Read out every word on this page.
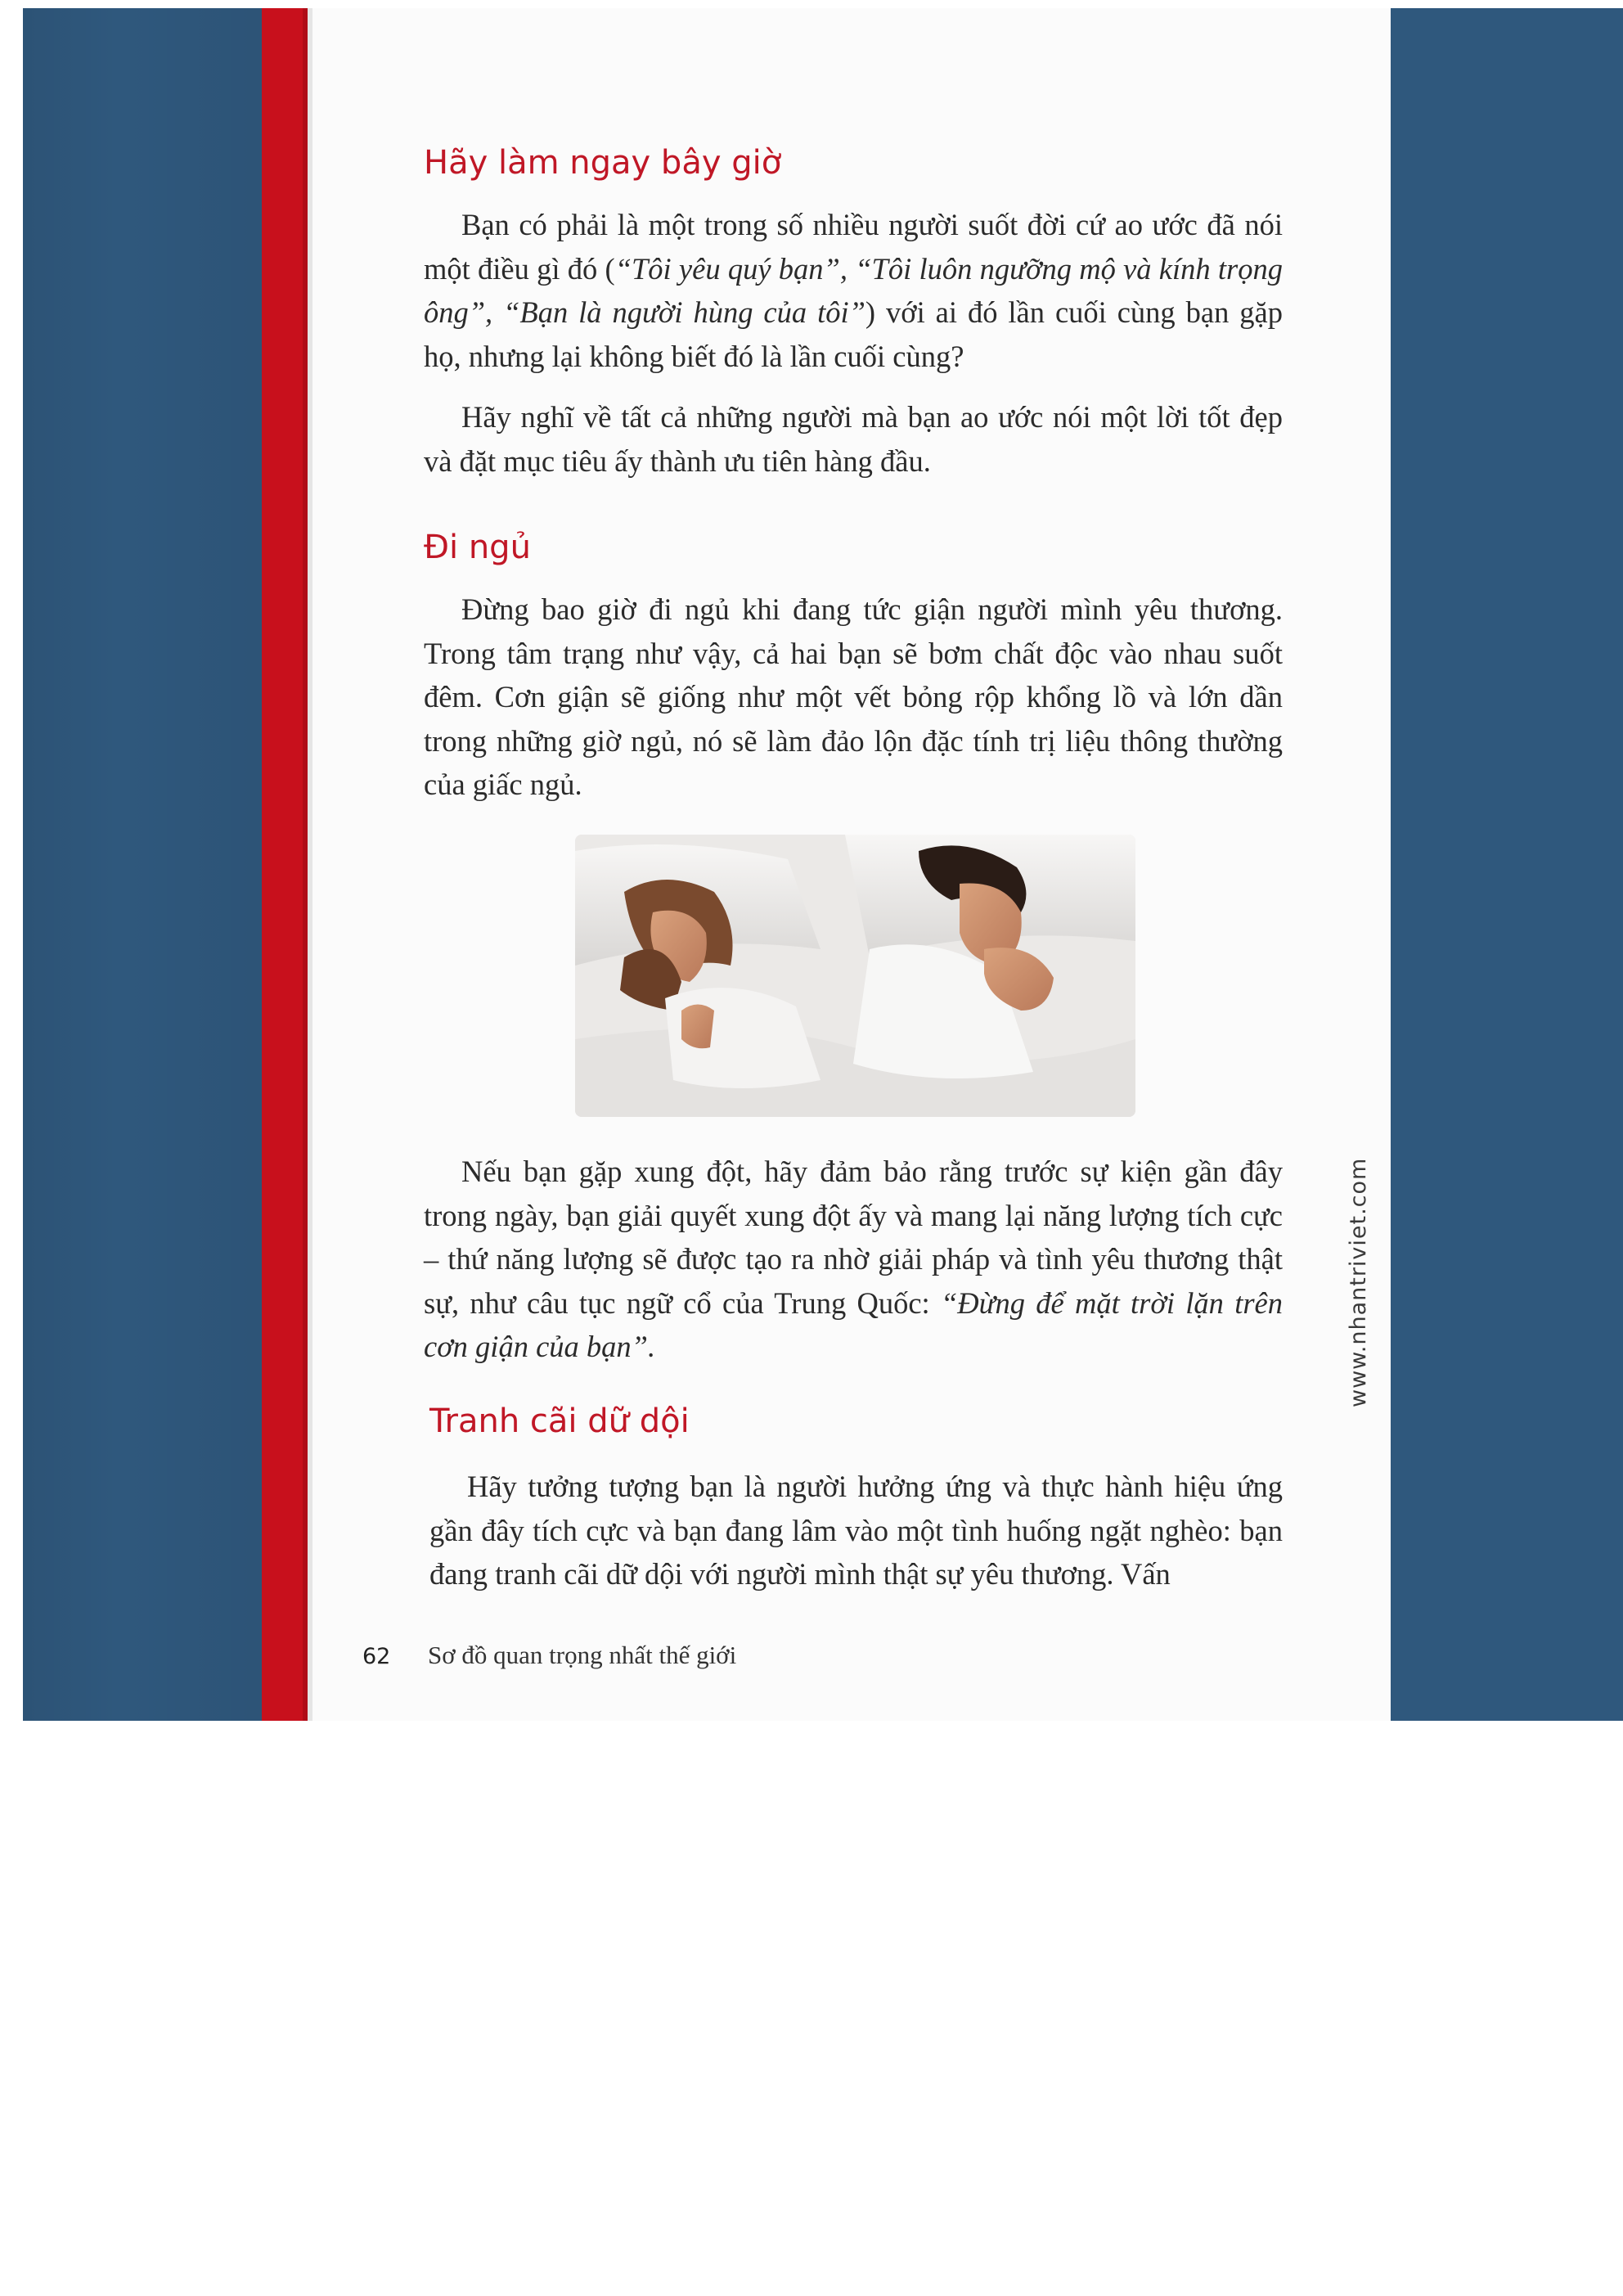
Hãy làm ngay bây giờ

Bạn có phải là một trong số nhiều người suốt đời cứ ao ước đã nói một điều gì đó (“Tôi yêu quý bạn”, “Tôi luôn ngưỡng mộ và kính trọng ông”, “Bạn là người hùng của tôi”) với ai đó lần cuối cùng bạn gặp họ, nhưng lại không biết đó là lần cuối cùng?

Hãy nghĩ về tất cả những người mà bạn ao ước nói một lời tốt đẹp và đặt mục tiêu ấy thành ưu tiên hàng đầu.

Đi ngủ

Đừng bao giờ đi ngủ khi đang tức giận người mình yêu thương. Trong tâm trạng như vậy, cả hai bạn sẽ bơm chất độc vào nhau suốt đêm. Cơn giận sẽ giống như một vết bỏng rộp khổng lồ và lớn dần trong những giờ ngủ, nó sẽ làm đảo lộn đặc tính trị liệu thông thường của giấc ngủ.

Nếu bạn gặp xung đột, hãy đảm bảo rằng trước sự kiện gần đây trong ngày, bạn giải quyết xung đột ấy và mang lại năng lượng tích cực – thứ năng lượng sẽ được tạo ra nhờ giải pháp và tình yêu thương thật sự, như câu tục ngữ cổ của Trung Quốc: “Đừng để mặt trời lặn trên cơn giận của bạn”.

Tranh cãi dữ dội

Hãy tưởng tượng bạn là người hưởng ứng và thực hành hiệu ứng gần đây tích cực và bạn đang lâm vào một tình huống ngặt nghèo: bạn đang tranh cãi dữ dội với người mình thật sự yêu thương. Vấn

62 Sơ đồ quan trọng nhất thế giới
www.nhantriviet.com
